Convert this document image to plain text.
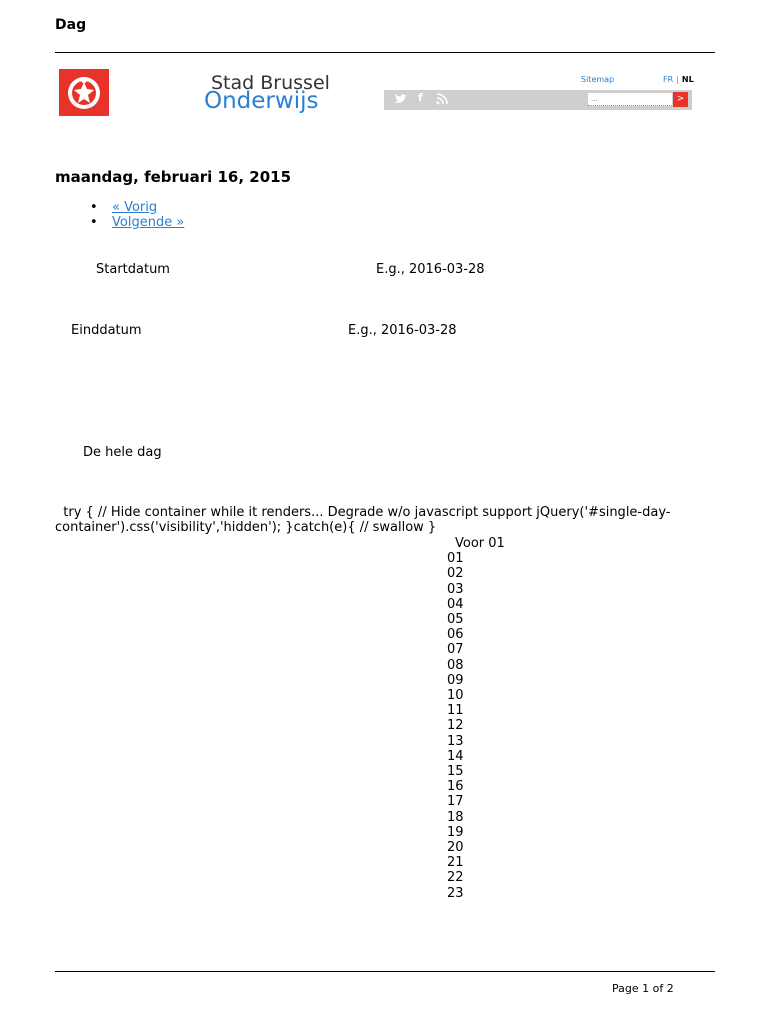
Dag
Stad Brussel
Onderwijs
Sitemap	FR | NL
f
...	>
maandag, februari 16, 2015
• « Vorig
• Volgende »
Startdatum	E.g., 2016-03-28
Einddatum	E.g., 2016-03-28
De hele dag
try { // Hide container while it renders... Degrade w/o javascript support jQuery('#single-day-container').css('visibility','hidden'); }catch(e){ // swallow }
Voor 01
01
02
03
04
05
06
07
08
09
10
11
12
13
14
15
16
17
18
19
20
21
22
23
Page 1 of 2
